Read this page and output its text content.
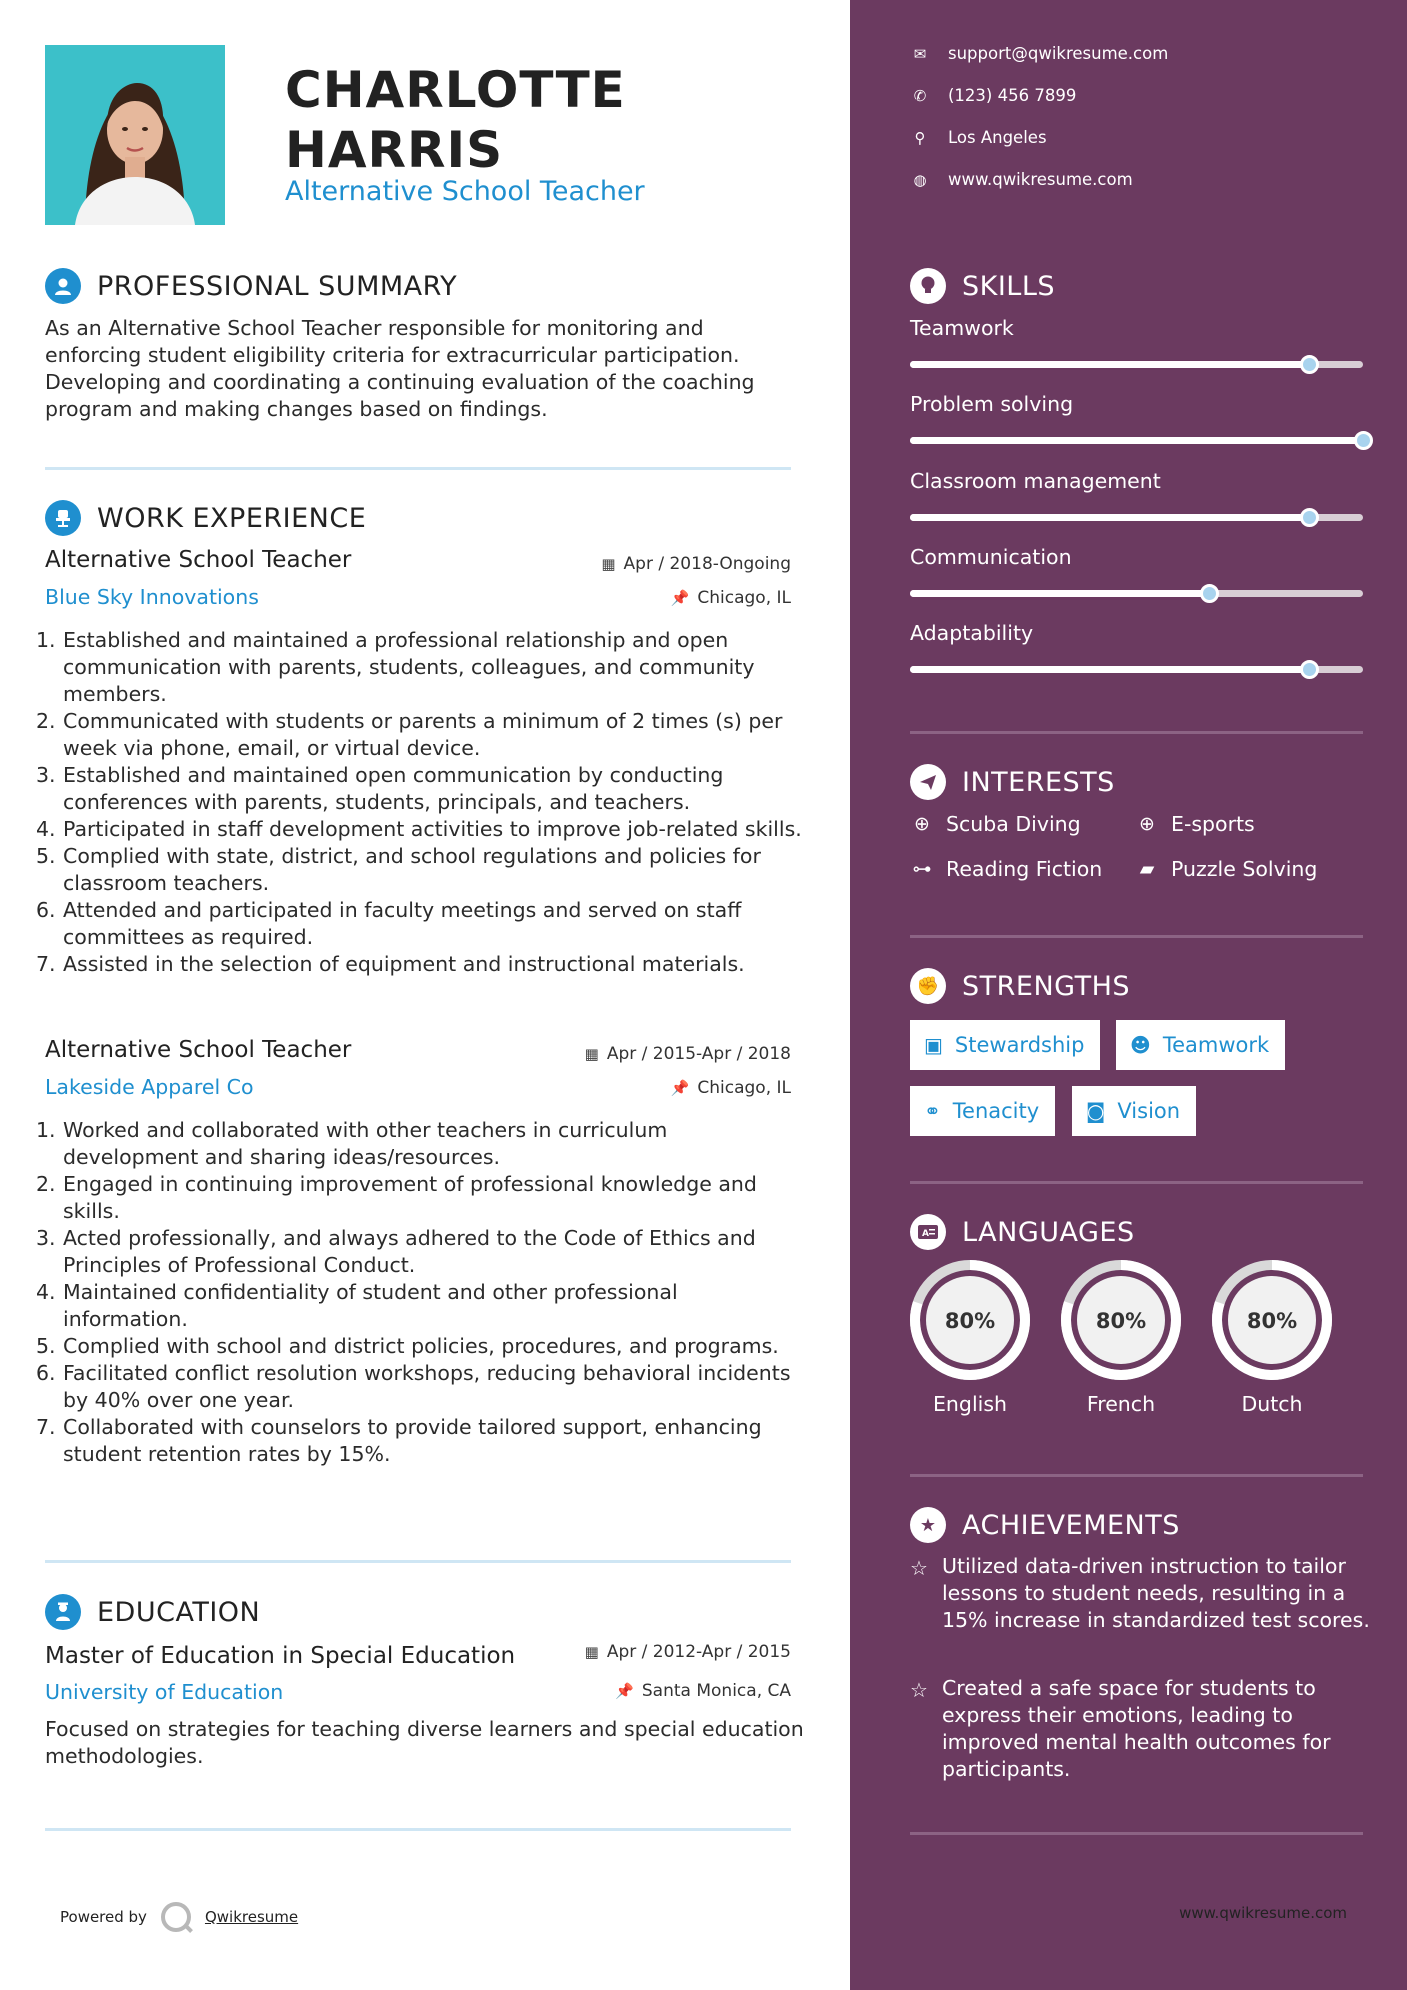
CHARLOTTE
HARRIS
Alternative School Teacher
PROFESSIONAL SUMMARY
As an Alternative School Teacher responsible for monitoring and enforcing student eligibility criteria for extracurricular participation. Developing and coordinating a continuing evaluation of the coaching program and making changes based on findings.
WORK EXPERIENCE
Alternative School Teacher	▦ Apr / 2018-Ongoing
Blue Sky Innovations	📌 Chicago, IL
Established and maintained a professional relationship and open communication with parents, students, colleagues, and community members.
Communicated with students or parents a minimum of 2 times (s) per week via phone, email, or virtual device.
Established and maintained open communication by conducting conferences with parents, students, principals, and teachers.
Participated in staff development activities to improve job-related skills.
Complied with state, district, and school regulations and policies for classroom teachers.
Attended and participated in faculty meetings and served on staff committees as required.
Assisted in the selection of equipment and instructional materials.
Alternative School Teacher	▦ Apr / 2015-Apr / 2018
Lakeside Apparel Co	📌 Chicago, IL
Worked and collaborated with other teachers in curriculum development and sharing ideas/resources.
Engaged in continuing improvement of professional knowledge and skills.
Acted professionally, and always adhered to the Code of Ethics and Principles of Professional Conduct.
Maintained confidentiality of student and other professional information.
Complied with school and district policies, procedures, and programs.
Facilitated conflict resolution workshops, reducing behavioral incidents by 40% over one year.
Collaborated with counselors to provide tailored support, enhancing student retention rates by 15%.
EDUCATION
Master of Education in Special Education	▦ Apr / 2012-Apr / 2015
University of Education	📌 Santa Monica, CA
Focused on strategies for teaching diverse learners and special education methodologies.
Powered by	Qwikresume
✉ support@qwikresume.com
✆ (123) 456 7899
⚲ Los Angeles
◍ www.qwikresume.com
SKILLS
Teamwork
Problem solving
Classroom management
Communication
Adaptability
INTERESTS
⊕ Scuba Diving	⊕ E-sports
⊶ Reading Fiction ▰ Puzzle Solving
✊ STRENGTHS
▣ Stewardship ☻ Teamwork
⚭ Tenacity ◙ Vision
A LANGUAGES
80%
English
80%
French
80%
Dutch
★ ACHIEVEMENTS
☆ Utilized data-driven instruction to tailor lessons to student needs, resulting in a 15% increase in standardized test scores.
☆ Created a safe space for students to express their emotions, leading to improved mental health outcomes for participants.
www.qwikresume.com
